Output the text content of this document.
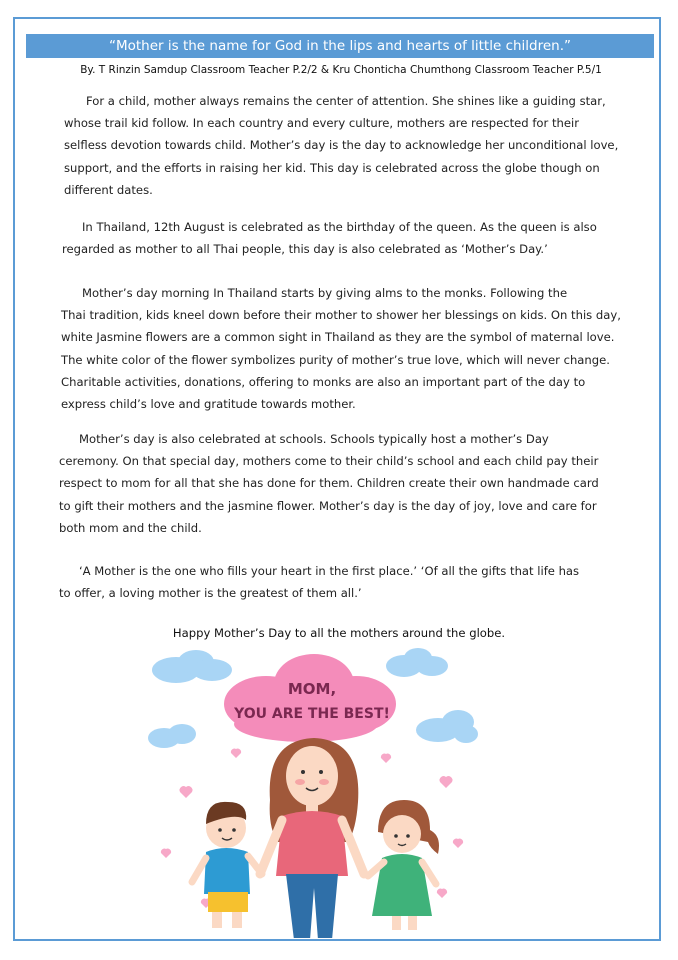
“Mother is the name for God in the lips and hearts of little children.”
By. T Rinzin Samdup Classroom Teacher P.2/2 & Kru Chonticha Chumthong Classroom Teacher P.5/1
For a child, mother always remains the center of attention. She shines like a guiding star,
whose trail kid follow. In each country and every culture, mothers are respected for their
selfless devotion towards child. Mother’s day is the day to acknowledge her unconditional love,
support, and the efforts in raising her kid. This day is celebrated across the globe though on
different dates.
In Thailand, 12th August is celebrated as the birthday of the queen. As the queen is also
regarded as mother to all Thai people, this day is also celebrated as ‘Mother’s Day.’
Mother’s day morning In Thailand starts by giving alms to the monks. Following the
Thai tradition, kids kneel down before their mother to shower her blessings on kids. On this day,
white Jasmine flowers are a common sight in Thailand as they are the symbol of maternal love.
The white color of the flower symbolizes purity of mother’s true love, which will never change.
Charitable activities, donations, offering to monks are also an important part of the day to
express child’s love and gratitude towards mother.
Mother’s day is also celebrated at schools. Schools typically host a mother’s Day
ceremony. On that special day, mothers come to their child’s school and each child pay their
respect to mom for all that she has done for them. Children create their own handmade card
to gift their mothers and the jasmine flower. Mother’s day is the day of joy, love and care for
both mom and the child.
‘A Mother is the one who fills your heart in the first place.’ ‘Of all the gifts that life has
to offer, a loving mother is the greatest of them all.’
Happy Mother’s Day to all the mothers around the globe.
MOM,
YOU ARE THE BEST!
